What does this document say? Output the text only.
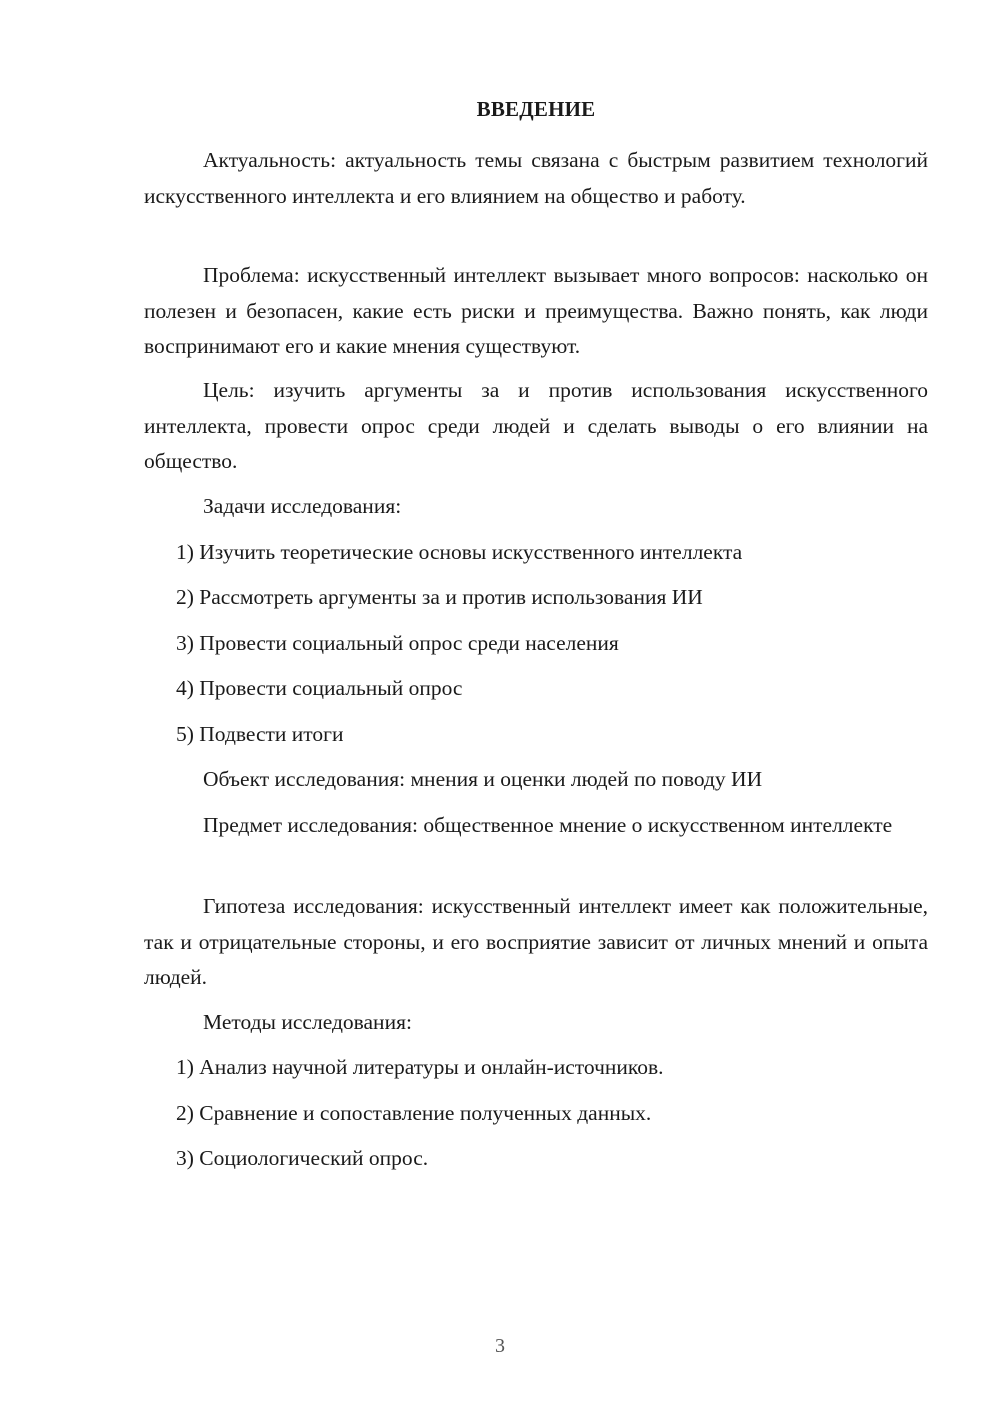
ВВЕДЕНИЕ

Актуальность: актуальность темы связана с быстрым развитием технологий искусственного интеллекта и его влиянием на общество и работу.

Проблема: искусственный интеллект вызывает много вопросов: насколько он полезен и безопасен, какие есть риски и преимущества. Важно понять, как люди воспринимают его и какие мнения существуют.

Цель: изучить аргументы за и против использования искусственного интеллекта, провести опрос среди людей и сделать выводы о его влиянии на общество.

Задачи исследования:

1) Изучить теоретические основы искусственного интеллекта

2) Рассмотреть аргументы за и против использования ИИ

3) Провести социальный опрос среди населения

4) Провести социальный опрос

5) Подвести итоги

Объект исследования: мнения и оценки людей по поводу ИИ

Предмет исследования: общественное мнение о искусственном интеллекте

Гипотеза исследования: искусственный интеллект имеет как положительные, так и отрицательные стороны, и его восприятие зависит от личных мнений и опыта людей.

Методы исследования:

1) Анализ научной литературы и онлайн-источников.

2) Сравнение и сопоставление полученных данных.

3) Социологический опрос.

3
